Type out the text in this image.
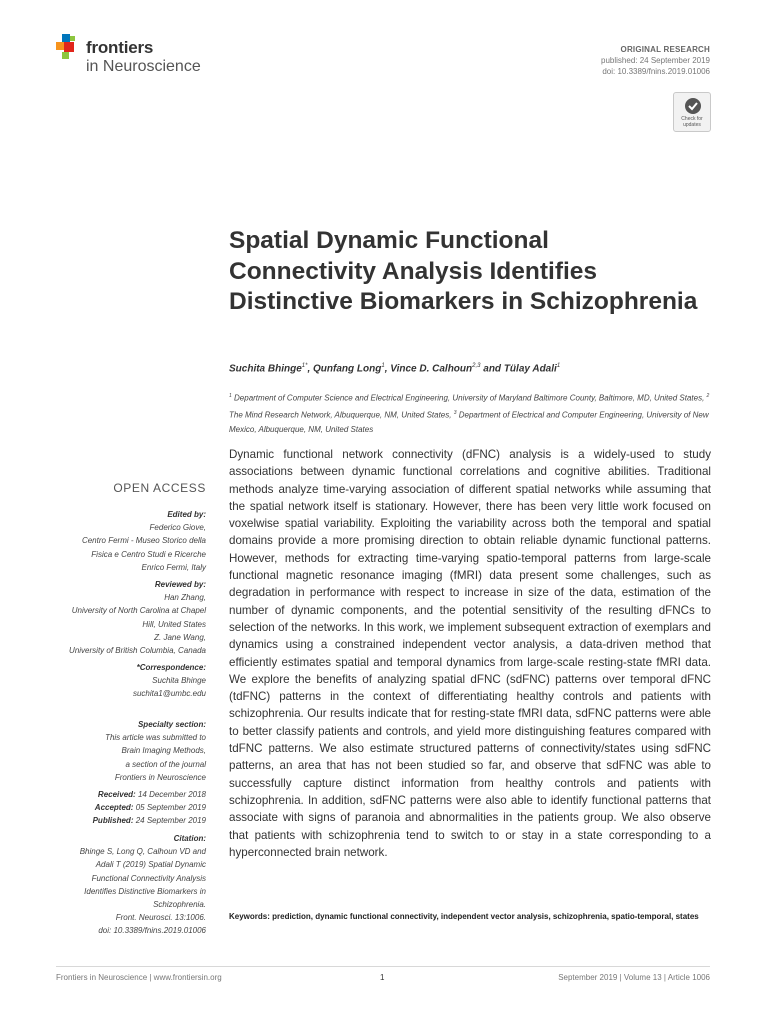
frontiers
in Neuroscience
ORIGINAL RESEARCH
published: 24 September 2019
doi: 10.3389/fnins.2019.01006
Check for updates
Spatial Dynamic Functional Connectivity Analysis Identifies Distinctive Biomarkers in Schizophrenia
Suchita Bhinge$^{1*}$, Qunfang Long$^1$, Vince D. Calhoun$^{2,3}$ and Tülay Adali$^1$
$^1$ Department of Computer Science and Electrical Engineering, University of Maryland Baltimore County, Baltimore, MD, United States, $^2$ The Mind Research Network, Albuquerque, NM, United States, $^3$ Department of Electrical and Computer Engineering, University of New Mexico, Albuquerque, NM, United States

Dynamic functional network connectivity (dFNC) analysis is a widely-used to study associations between dynamic functional correlations and cognitive abilities. Traditional methods analyze time-varying association of different spatial networks while assuming that the spatial network itself is stationary. However, there has been very little work focused on voxelwise spatial variability. Exploiting the variability across both the temporal and spatial domains provide a more promising direction to obtain reliable dynamic functional patterns. However, methods for extracting time-varying spatio-temporal patterns from large-scale functional magnetic resonance imaging (fMRI) data present some challenges, such as degradation in performance with respect to increase in size of the data, estimation of the number of dynamic components, and the potential sensitivity of the resulting dFNCs to selection of the networks. In this work, we implement subsequent extraction of exemplars and dynamics using a constrained independent vector analysis, a data-driven method that efficiently estimates spatial and temporal dynamics from large-scale resting-state fMRI data. We explore the benefits of analyzing spatial dFNC (sdFNC) patterns over temporal dFNC (tdFNC) patterns in the context of differentiating healthy controls and patients with schizophrenia. Our results indicate that for resting-state fMRI data, sdFNC patterns were able to better classify patients and controls, and yield more distinguishing features compared with tdFNC patterns. We also estimate structured patterns of connectivity/states using sdFNC patterns, an area that has not been studied so far, and observe that sdFNC was able to successfully capture distinct information from healthy controls and patients with schizophrenia. In addition, sdFNC patterns were also able to identify functional patterns that associate with signs of paranoia and abnormalities in the patients group. We also observe that patients with schizophrenia tend to switch to or stay in a state corresponding to a hyperconnected brain network.

Keywords: prediction, dynamic functional connectivity, independent vector analysis, schizophrenia, spatio-temporal, states

OPEN ACCESS
Edited by:
Federico Giove,
Centro Fermi - Museo Storico della
Fisica e Centro Studi e Ricerche
Enrico Fermi, Italy
Reviewed by:
Han Zhang,
University of North Carolina at Chapel
Hill, United States
Z. Jane Wang,
University of British Columbia, Canada
*Correspondence:
Suchita Bhinge
suchita1@umbc.edu
Specialty section:
This article was submitted to
Brain Imaging Methods,
a section of the journal
Frontiers in Neuroscience
Received: 14 December 2018
Accepted: 05 September 2019
Published: 24 September 2019
Citation:
Bhinge S, Long Q, Calhoun VD and
Adali T (2019) Spatial Dynamic
Functional Connectivity Analysis
Identifies Distinctive Biomarkers in
Schizophrenia.
Front. Neurosci. 13:1006.
doi: 10.3389/fnins.2019.01006
Frontiers in Neuroscience | www.frontiersin.org	1	September 2019 | Volume 13 | Article 1006
